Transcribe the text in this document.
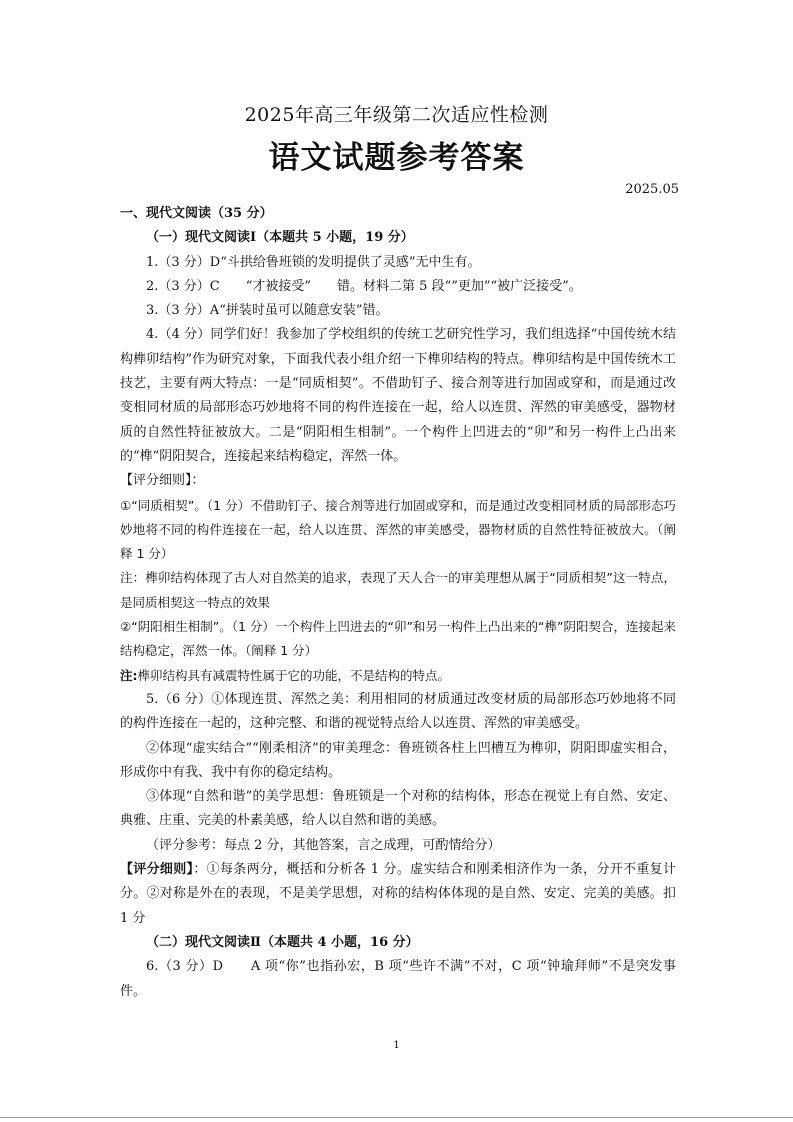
2025年高三年级第二次适应性检测
语文试题参考答案
2025.05

一、现代文阅读（35 分）

（一）现代文阅读Ⅰ（本题共 5 小题，19 分）

1.（3 分）D“斗拱给鲁班锁的发明提供了灵感”无中生有。

2.（3 分）C　　“才被接受”　　错。材料二第 5 段“”更加”“被广泛接受”。

3.（3 分）A“拼装时虽可以随意安装”错。

4.（4 分）同学们好！我参加了学校组织的传统工艺研究性学习，我们组选择“中国传统木结构榫卯结构”作为研究对象，下面我代表小组介绍一下榫卯结构的特点。榫卯结构是中国传统木工技艺，主要有两大特点：一是“同质相契”。不借助钉子、接合剂等进行加固或穿和，而是通过改变相同材质的局部形态巧妙地将不同的构件连接在一起，给人以连贯、浑然的审美感受，器物材质的自然性特征被放大。二是“阴阳相生相制”。一个构件上凹进去的“卯”和另一构件上凸出来的“榫”阴阳契合，连接起来结构稳定，浑然一体。

【评分细则】：

①“同质相契”。（1 分）不借助钉子、接合剂等进行加固或穿和，而是通过改变相同材质的局部形态巧妙地将不同的构件连接在一起，给人以连贯、浑然的审美感受，器物材质的自然性特征被放大。（阐释 1 分）

注：榫卯结构体现了古人对自然美的追求，表现了天人合一的审美理想从属于“同质相契”这一特点，是同质相契这一特点的效果

②“阴阳相生相制”。（1 分）一个构件上凹进去的“卯”和另一构件上凸出来的“榫”阴阳契合，连接起来结构稳定，浑然一体。（阐释 1 分）

注:榫卯结构具有减震特性属于它的功能，不是结构的特点。

5.（6 分）①体现连贯、浑然之美：利用相同的材质通过改变材质的局部形态巧妙地将不同的构件连接在一起的，这种完整、和谐的视觉特点给人以连贯、浑然的审美感受。

②体现“虚实结合”“刚柔相济”的审美理念：鲁班锁各柱上凹槽互为榫卯，阴阳即虚实相合，形成你中有我、我中有你的稳定结构。

③体现“自然和谐”的美学思想：鲁班锁是一个对称的结构体，形态在视觉上有自然、安定、典雅、庄重、完美的朴素美感，给人以自然和谐的美感。

（评分参考：每点 2 分，其他答案，言之成理，可酌情给分）

【评分细则】：①每条两分，概括和分析各 1 分。虚实结合和刚柔相济作为一条，分开不重复计分。②对称是外在的表现，不是美学思想，对称的结构体体现的是自然、安定、完美的美感。扣 1 分

（二）现代文阅读Ⅱ（本题共 4 小题，16 分）

6.（3 分）D　　A 项“你”也指孙宏，B 项“些许不满”不对，C 项“钟瑜拜师”不是突发事件。

1
